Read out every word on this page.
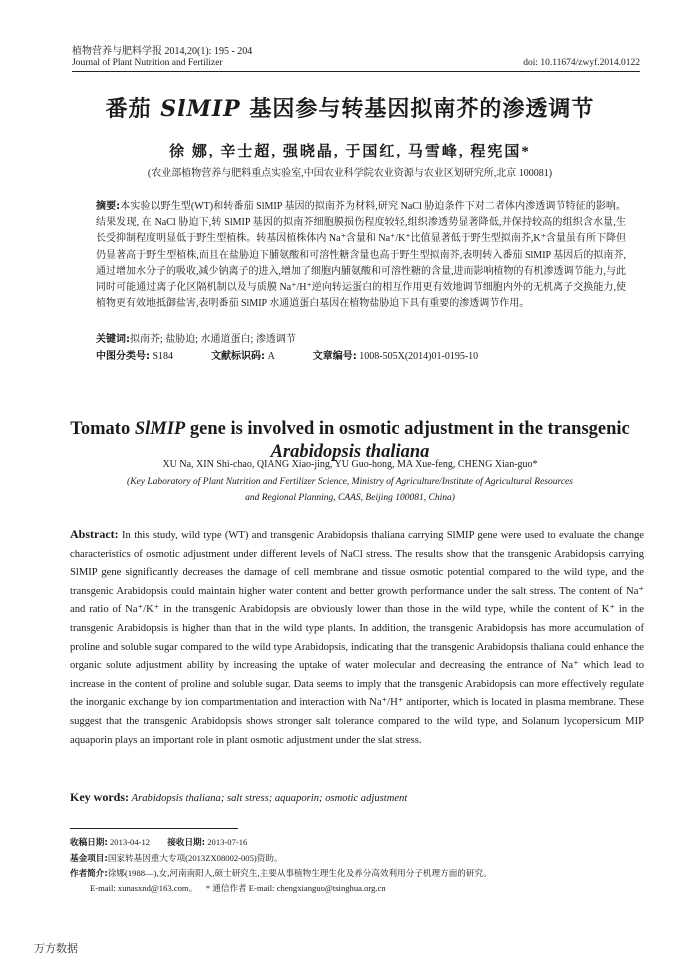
植物营养与肥料学报 2014,20(1): 195 - 204
Journal of Plant Nutrition and Fertilizer	doi: 10.11674/zwyf.2014.0122
番茄 SlMIP 基因参与转基因拟南芥的渗透调节
徐 娜, 辛士超, 强晓晶, 于国红, 马雪峰, 程宪国*
(农业部植物营养与肥料重点实验室,中国农业科学院农业资源与农业区划研究所,北京 100081)
摘要:本实验以野生型(WT)和转番茄 SlMIP 基因的拟南芥为材料,研究 NaCl 胁迫条件下对二者体内渗透调节特征的影响。结果发现, 在 NaCl 胁迫下,转 SlMIP 基因的拟南芥细胞膜损伤程度较轻,组织渗透势显著降低,并保持较高的组织含水量,生长受抑制程度明显低于野生型植株。转基因植株体内 Na⁺含量和 Na⁺/K⁺比值显著低于野生型拟南芥,K⁺含量虽有所下降但仍显著高于野生型植株,而且在盐胁迫下脯氨酸和可溶性糖含量也高于野生型拟南芥,表明转入番茄 SlMIP 基因后的拟南芥,通过增加水分子的吸收,减少钠离子的进入,增加了细胞内脯氨酸和可溶性糖的含量,进而影响植物的有机渗透调节能力,与此同时可能通过离子化区隔机制以及与质膜 Na⁺/H⁺逆向转运蛋白的相互作用更有效地调节细胞内外的无机离子交换能力,使植物更有效地抵御盐害,表明番茄 SlMIP 水通道蛋白基因在植物盐胁迫下具有重要的渗透调节作用。
关键词:拟南芥; 盐胁迫; 水通道蛋白; 渗透调节
中图分类号: S184	文献标识码: A	文章编号: 1008-505X(2014)01-0195-10
Tomato SlMIP gene is involved in osmotic adjustment in the transgenic
Arabidopsis thaliana
XU Na, XIN Shi-chao, QIANG Xiao-jing, YU Guo-hong, MA Xue-feng, CHENG Xian-guo*
(Key Laboratory of Plant Nutrition and Fertilizer Science, Ministry of Agriculture/Institute of Agricultural Resources
and Regional Planning, CAAS, Beijing 100081, China)
Abstract: In this study, wild type (WT) and transgenic Arabidopsis thaliana carrying SlMIP gene were used to evaluate the change characteristics of osmotic adjustment under different levels of NaCl stress. The results show that the transgenic Arabidopsis carrying SlMIP gene significantly decreases the damage of cell membrane and tissue osmotic potential compared to the wild type, and the transgenic Arabidopsis could maintain higher water content and better growth performance under the salt stress. The content of Na⁺ and ratio of Na⁺/K⁺ in the transgenic Arabidopsis are obviously lower than those in the wild type, while the content of K⁺ in the transgenic Arabidopsis is higher than that in the wild type plants. In addition, the transgenic Arabidopsis has more accumulation of proline and soluble sugar compared to the wild type Arabidopsis, indicating that the transgenic Arabidopsis thaliana could enhance the organic solute adjustment ability by increasing the uptake of water molecular and decreasing the entrance of Na⁺ which lead to increase in the content of proline and soluble sugar. Data seems to imply that the transgenic Arabidopsis can more effectively regulate the inorganic exchange by ion compartmentation and interaction with Na⁺/H⁺ antiporter, which is located in plasma membrane. These suggest that the transgenic Arabidopsis shows stronger salt tolerance compared to the wild type, and Solanum lycopersicum MIP aquaporin plays an important role in plant osmotic adjustment under the slat stress.
Key words: Arabidopsis thaliana; salt stress; aquaporin; osmotic adjustment
收稿日期: 2013-04-12 接收日期: 2013-07-16
基金项目:国家转基因重大专项(2013ZX08002-005)资助。
作者简介:徐娜(1988—),女,河南南阳人,硕士研究生,主要从事植物生理生化及养分高效利用分子机理方面的研究。
E-mail: xunasxnd@163.com。 * 通信作者 E-mail: chengxianguo@tsinghua.org.cn
万方数据
